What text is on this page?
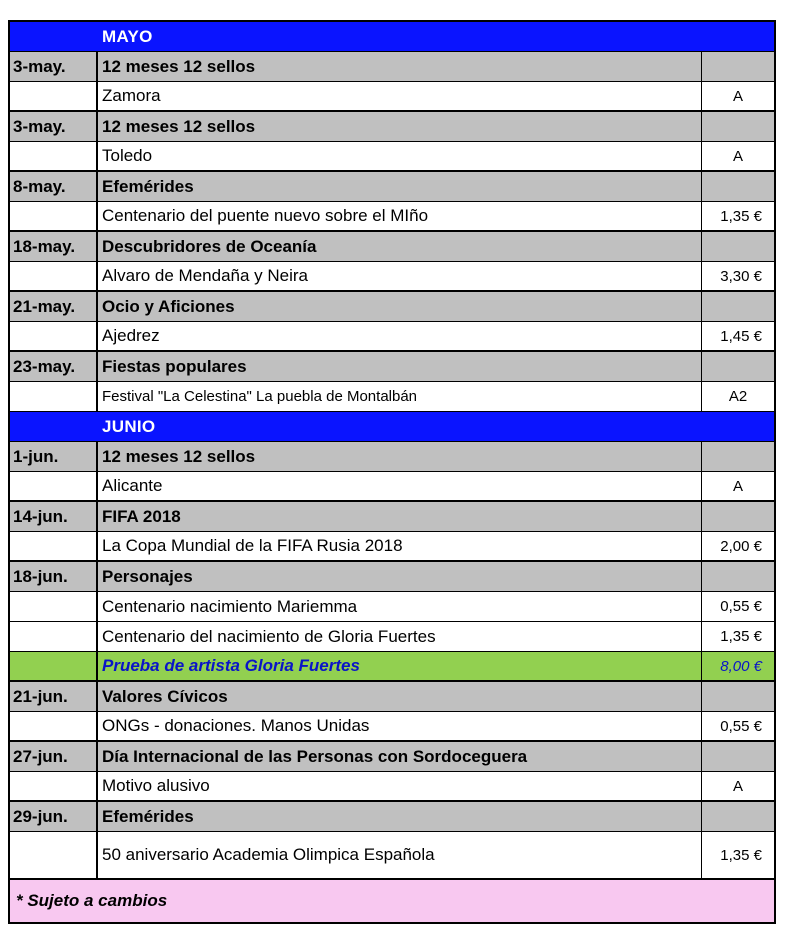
MAYO
3-may.	12 meses 12 sellos
Zamora	A
3-may.	12 meses 12 sellos
Toledo	A
8-may.	Efemérides
Centenario del puente nuevo sobre el MIño	1,35 €
18-may.	Descubridores de Oceanía
Alvaro de Mendaña y Neira	3,30 €
21-may.	Ocio y Aficiones
Ajedrez	1,45 €
23-may.	Fiestas populares
Festival "La Celestina" La puebla de Montalbán	A2
JUNIO
1-jun.	12 meses 12 sellos
Alicante	A
14-jun.	FIFA 2018
La Copa Mundial de la FIFA Rusia 2018	2,00 €
18-jun.	Personajes
Centenario nacimiento Mariemma	0,55 €
Centenario del nacimiento de Gloria Fuertes	1,35 €
Prueba de artista Gloria Fuertes	8,00 €
21-jun.	Valores Cívicos
ONGs - donaciones. Manos Unidas	0,55 €
27-jun.	Día Internacional de las Personas con Sordoceguera
Motivo alusivo	A
29-jun.	Efemérides
50 aniversario Academia Olimpica Española	1,35 €
* Sujeto a cambios
